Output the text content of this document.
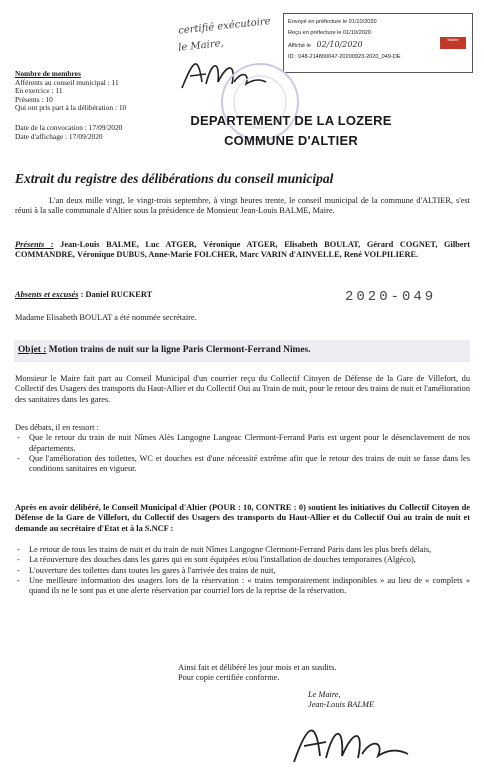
certifié exécutoire
le Maire,
Envoyé en préfecture le 01/10/2020
Reçu en préfecture le 01/10/2020
Affiché le 02/10/2020
ID : 048-214800047-20200923-2020_049-DE
Mairie
Nombre de membres
Afférents au conseil municipal : 11
En exercice : 11
Présents : 10
Qui ont pris part à la délibération : 10
Date de la convocation : 17/09/2020
Date d'affichage : 17/09/2020
DEPARTEMENT DE LA LOZERE
COMMUNE D'ALTIER
Extrait du registre des délibérations du conseil municipal
L'an deux mille vingt, le vingt-trois septembre, à vingt heures trente, le conseil municipal de la commune d'ALTIER, s'est réuni à la salle communale d'Altier sous la présidence de Monsieur Jean-Louis BALME, Maire.
Présents : Jean-Louis BALME, Luc ATGER, Véronique ATGER, Elisabeth BOULAT, Gérard COGNET, Gilbert COMMANDRE, Véronique DUBUS, Anne-Marie FOLCHER, Marc VARIN d'AINVELLE, René VOLPILIERE.
Absents et excusés : Daniel RUCKERT	2020-049
Madame Elisabeth BOULAT a été nommée secrétaire.
Objet : Motion trains de nuit sur la ligne Paris Clermont-Ferrand Nîmes.
Monsieur le Maire fait part au Conseil Municipal d'un courrier reçu du Collectif Citoyen de Défense de la Gare de Villefort, du Collectif des Usagers des transports du Haut-Allier et du Collectif Oui au Train de nuit, pour le retour des trains de nuit et l'amélioration des sanitaires dans les gares.
Des débats, il en ressort :
- Que le retour du train de nuit Nîmes Alès Langogne Langeac Clermont-Ferrand Paris est urgent pour le désenclavement de nos départements.
- Que l'amélioration des toilettes, WC et douches est d'une nécessité extrême afin que le retour des trains de nuit se fasse dans les conditions sanitaires en vigueur.
Après en avoir délibéré, le Conseil Municipal d'Altier (POUR : 10, CONTRE : 0) soutient les initiatives du Collectif Citoyen de Défense de la Gare de Villefort, du Collectif des Usagers des transports du Haut-Allier et du Collectif Oui au train de nuit et demande au secrétaire d'Etat et à la S.NCF :
- Le retour de tous les trains de nuit et du train de nuit Nîmes Langogne Clermont-Ferrand Paris dans les plus brefs délais,
- La réouverture des douches dans les gares qui en sont équipées et/ou l'installation de douches temporaires (Algéco),
- L'ouverture des toilettes dans toutes les gares à l'arrivée des trains de nuit,
- Une meilleure information des usagers lors de la réservation : « trains temporairement indisponibles » au lieu de « complets » quand ils ne le sont pas et une alerte réservation par courriel lors de la reprise de la réservation.
Ainsi fait et délibéré les jour mois et an susdits.
Pour copie certifiée conforme.
Le Maire,
Jean-Louis BALME
